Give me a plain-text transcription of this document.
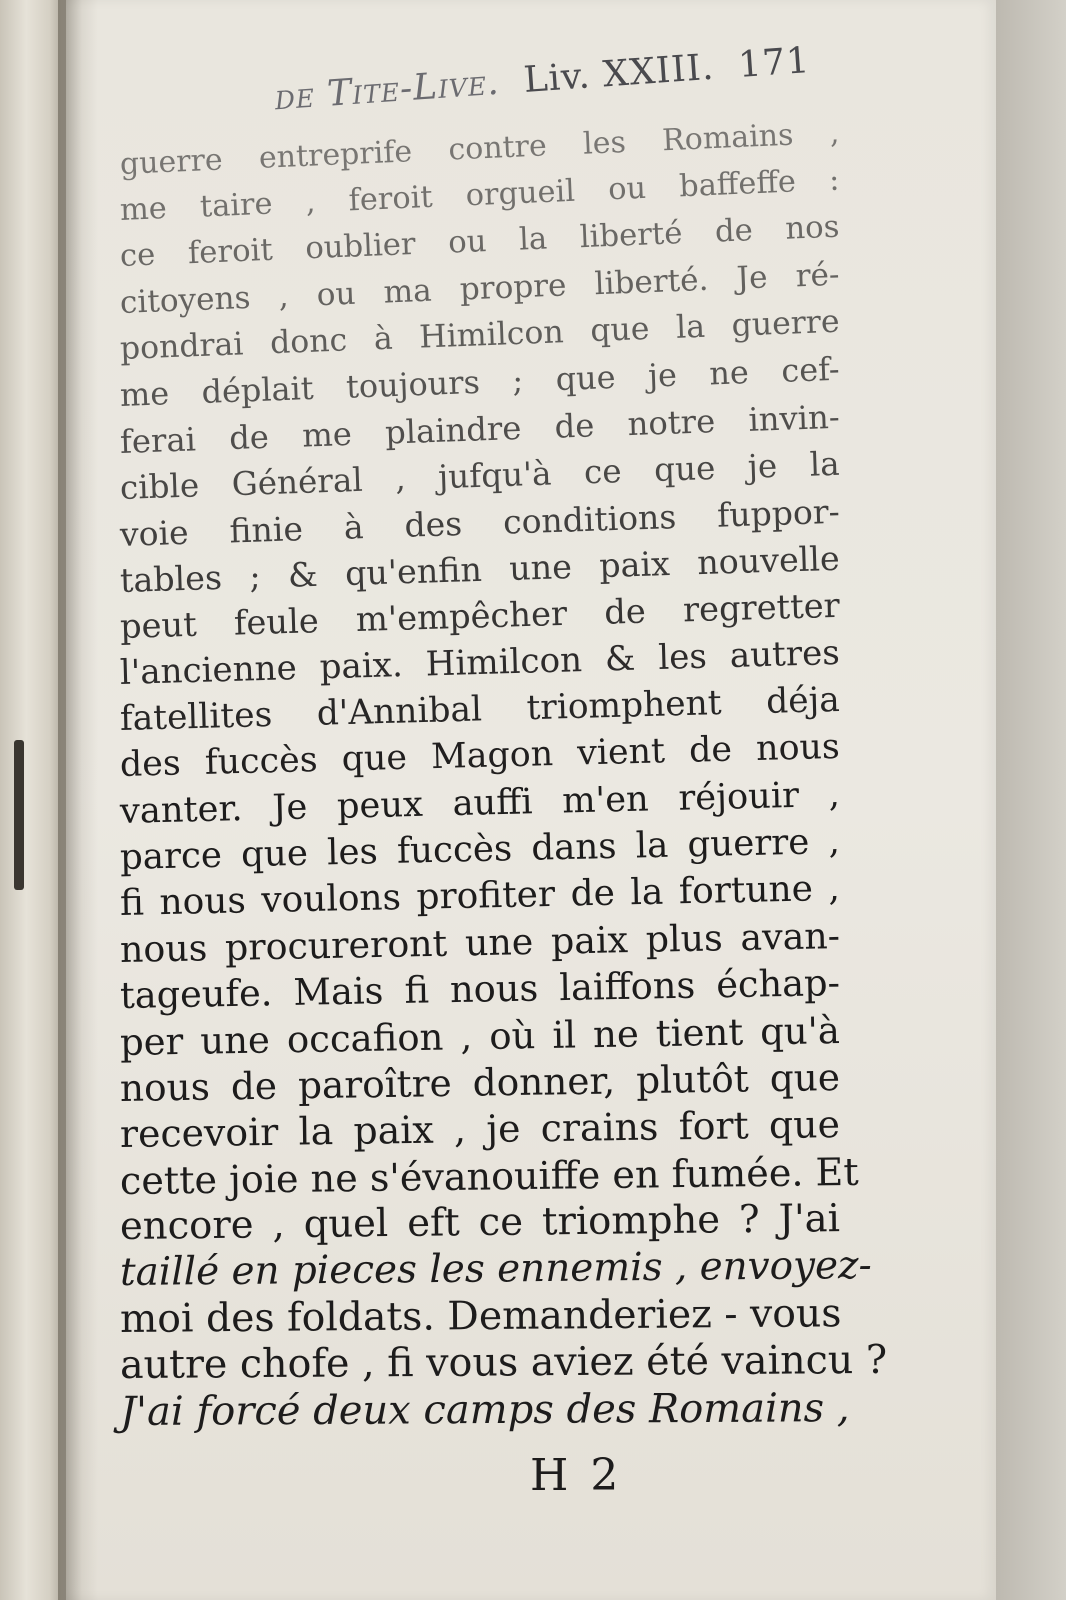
de Tite-Live. Liv. XXIII. 171
guerre entreprife contre les Romains ,
me taire , feroit orgueil ou baffeffe :
ce feroit oublier ou la liberté de nos
citoyens , ou ma propre liberté. Je ré-
pondrai donc à Himilcon que la guerre
me déplait toujours ; que je ne cef-
ferai de me plaindre de notre invin-
cible Général , jufqu'à ce que je la
voie finie à des conditions fuppor-
tables ; & qu'enfin une paix nouvelle
peut feule m'empêcher de regretter
l'ancienne paix. Himilcon & les autres
fatellites d'Annibal triomphent déja
des fuccès que Magon vient de nous
vanter. Je peux auffi m'en réjouir ,
parce que les fuccès dans la guerre ,
fi nous voulons profiter de la fortune ,
nous procureront une paix plus avan-
tageufe. Mais fi nous laiffons échap-
per une occafion , où il ne tient qu'à
nous de paroître donner, plutôt que
recevoir la paix , je crains fort que
cette joie ne s'évanouiffe en fumée. Et
encore , quel eft ce triomphe ? J'ai
taillé en pieces les ennemis , envoyez-
moi des foldats. Demanderiez - vous
autre chofe , fi vous aviez été vaincu ?
J'ai forcé deux camps des Romains ,
H 2
